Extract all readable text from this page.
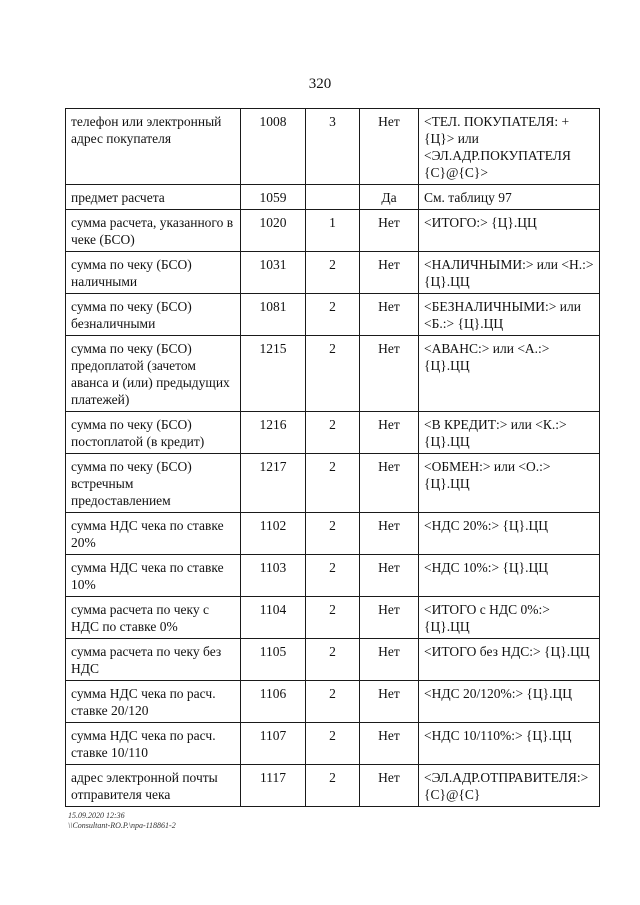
320
телефон или электронный адрес покупателя	1008	3	Нет	<ТЕЛ. ПОКУПАТЕЛЯ: + {Ц}> или <ЭЛ.АДР.ПОКУПАТЕЛЯ {С}@{С}>
предмет расчета	1059		Да	См. таблицу 97
сумма расчета, указанного в чеке (БСО)	1020	1	Нет	<ИТОГО:> {Ц}.ЦЦ
сумма по чеку (БСО) наличными	1031	2	Нет	<НАЛИЧНЫМИ:> или <Н.:> {Ц}.ЦЦ
сумма по чеку (БСО) безналичными	1081	2	Нет	<БЕЗНАЛИЧНЫМИ:> или <Б.:> {Ц}.ЦЦ
сумма по чеку (БСО) предоплатой (зачетом аванса и (или) предыдущих платежей)	1215	2	Нет	<АВАНС:> или <А.:> {Ц}.ЦЦ
сумма по чеку (БСО) постоплатой (в кредит)	1216	2	Нет	<В КРЕДИТ:> или <К.:> {Ц}.ЦЦ
сумма по чеку (БСО) встречным предоставлением	1217	2	Нет	<ОБМЕН:> или <О.:> {Ц}.ЦЦ
сумма НДС чека по ставке 20%	1102	2	Нет	<НДС 20%:> {Ц}.ЦЦ
сумма НДС чека по ставке 10%	1103	2	Нет	<НДС 10%:> {Ц}.ЦЦ
сумма расчета по чеку с НДС по ставке 0%	1104	2	Нет	<ИТОГО с НДС 0%:> {Ц}.ЦЦ
сумма расчета по чеку без НДС	1105	2	Нет	<ИТОГО без НДС:> {Ц}.ЦЦ
сумма НДС чека по расч. ставке 20/120	1106	2	Нет	<НДС 20/120%:> {Ц}.ЦЦ
сумма НДС чека по расч. ставке 10/110	1107	2	Нет	<НДС 10/110%:> {Ц}.ЦЦ
адрес электронной почты отправителя чека	1117	2	Нет	<ЭЛ.АДР.ОТПРАВИТЕЛЯ:> {С}@{С}
15.09.2020 12:36
\\Consultant-RO.P.\npa-118861-2
